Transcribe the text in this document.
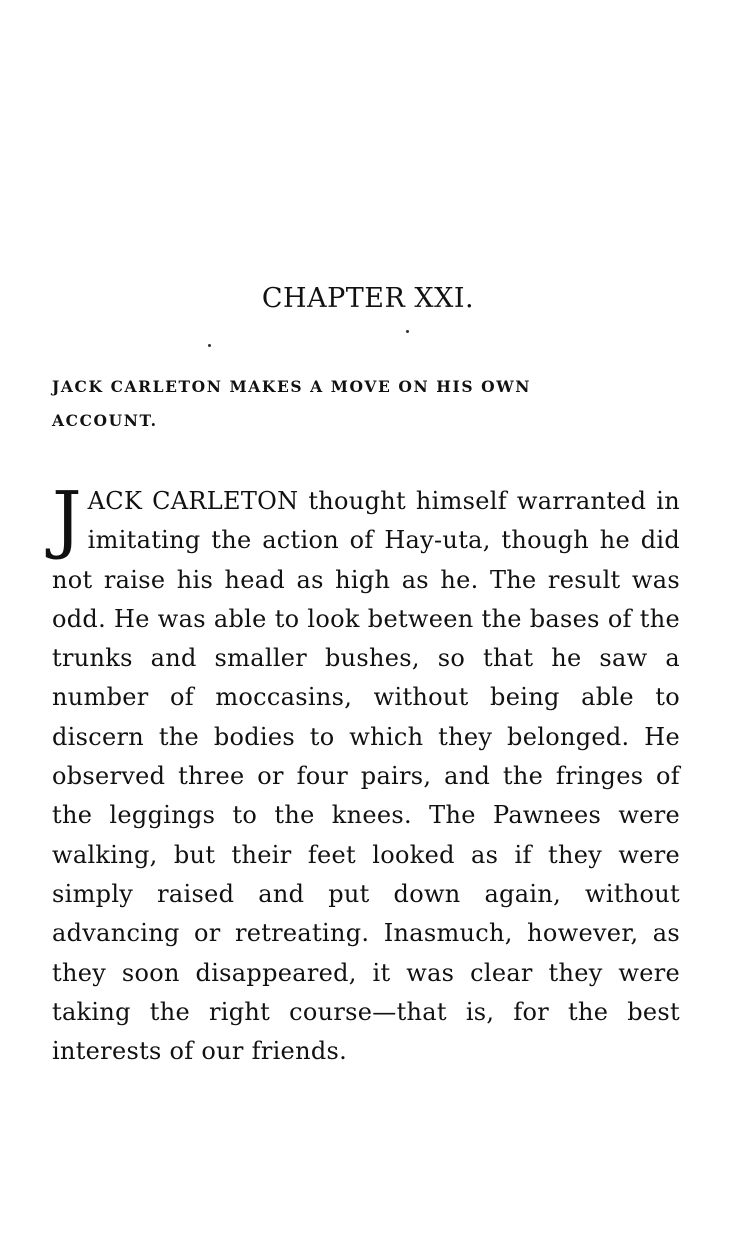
CHAPTER XXI.
JACK CARLETON MAKES A MOVE ON HIS OWN
ACCOUNT.
JACK CARLETON thought himself warranted in imitating the action of Hay-uta, though he did not raise his head as high as he. The result was odd. He was able to look between the bases of the trunks and smaller bushes, so that he saw a number of moccasins, without being able to discern the bodies to which they belonged. He observed three or four pairs, and the fringes of the leggings to the knees. The Pawnees were walking, but their feet looked as if they were simply raised and put down again, without advancing or retreating. Inasmuch, however, as they soon disappeared, it was clear they were taking the right course—that is, for the best interests of our friends.
